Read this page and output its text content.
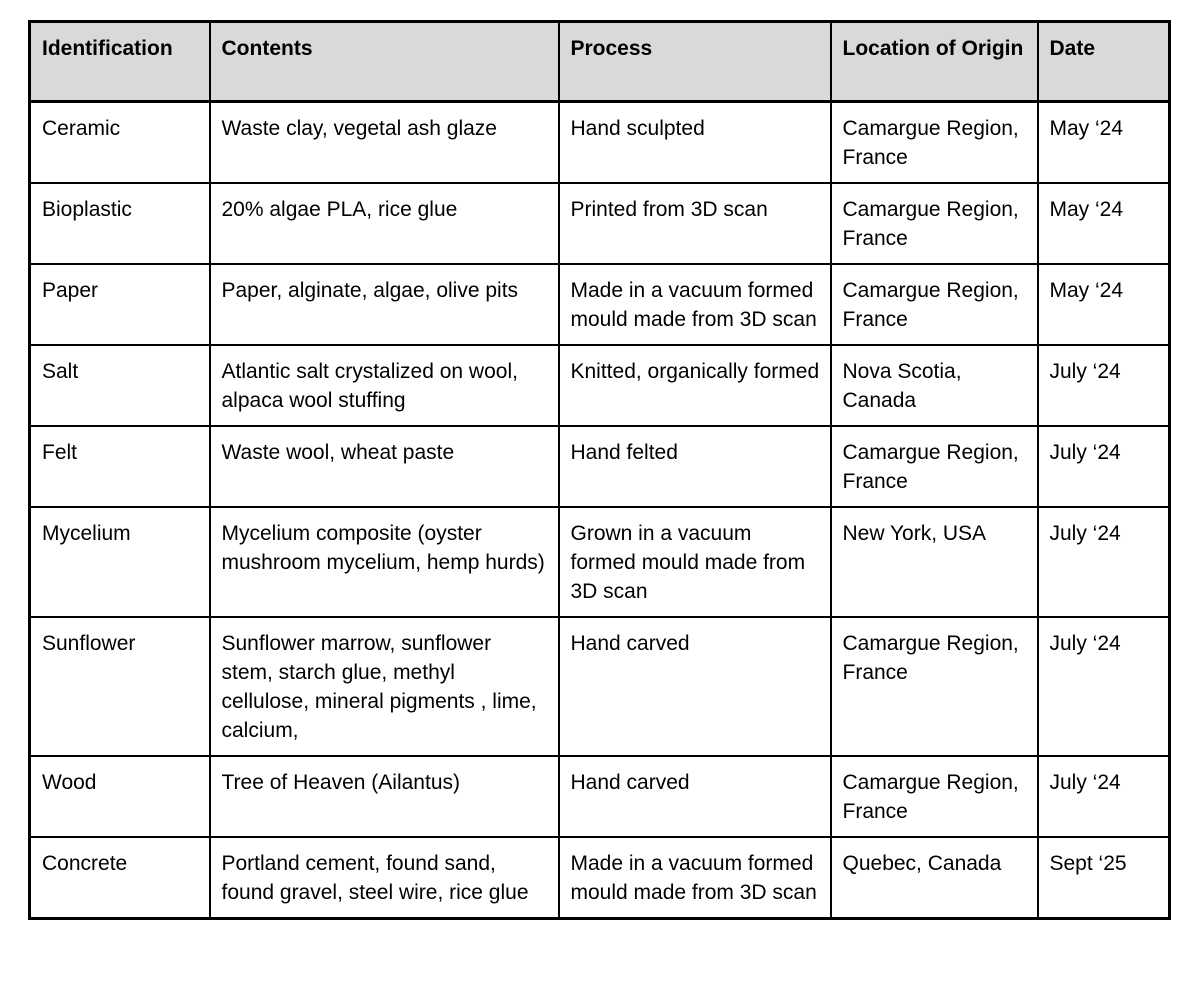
Identification	Contents	Process	Location of Origin	Date

Ceramic	Waste clay, vegetal ash glaze	Hand sculpted	Camargue Region, France	May ‘24

Bioplastic	20% algae PLA, rice glue	Printed from 3D scan	Camargue Region, France	May ‘24

Paper	Paper, alginate, algae, olive pits	Made in a vacuum formed mould made from 3D scan	Camargue Region, France	May ‘24

Salt	Atlantic salt crystalized on wool, alpaca wool stuffing	Knitted, organically formed	Nova Scotia, Canada	July ‘24

Felt	Waste wool, wheat paste	Hand felted	Camargue Region, France	July ‘24

Mycelium	Mycelium composite (oyster mushroom mycelium, hemp hurds)	Grown in a vacuum formed mould made from 3D scan	New York, USA	July ‘24

Sunflower	Sunflower marrow, sunflower stem, starch glue, methyl cellulose, mineral pigments , lime, calcium,	Hand carved	Camargue Region, France	July ‘24

Wood	Tree of Heaven (Ailantus)	Hand carved	Camargue Region, France	July ‘24

Concrete	Portland cement, found sand, found gravel, steel wire, rice glue	Made in a vacuum formed mould made from 3D scan	Quebec, Canada	Sept ‘25
